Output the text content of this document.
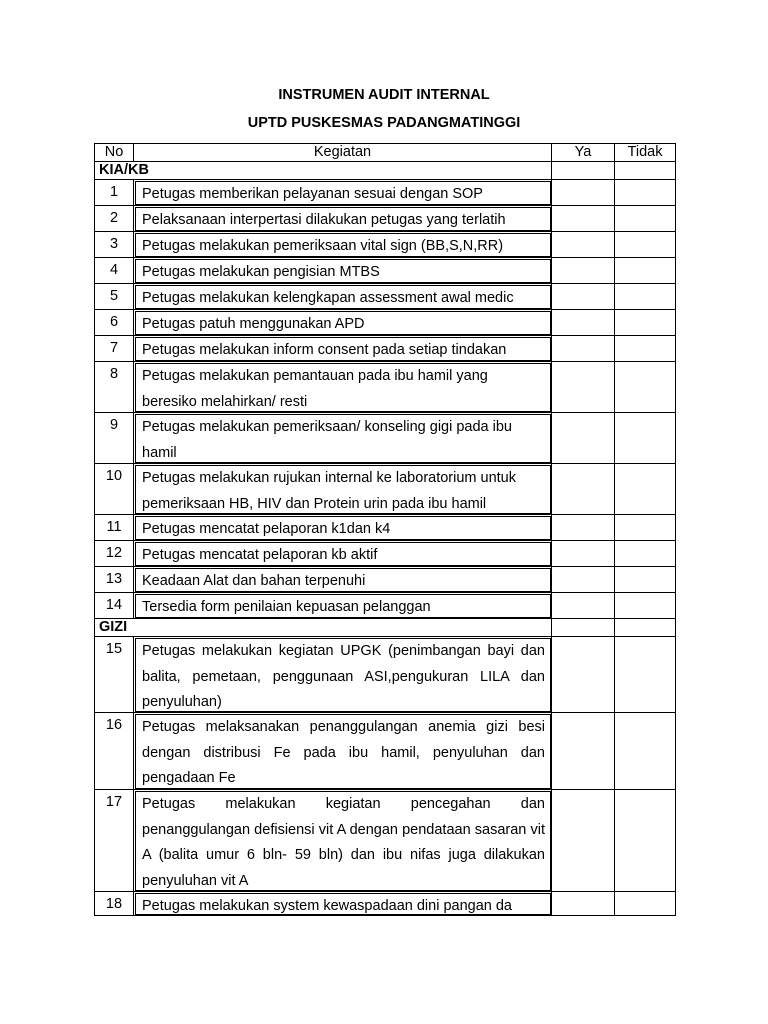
INSTRUMEN AUDIT INTERNAL
UPTD PUSKESMAS PADANGMATINGGI
No	Kegiatan	Ya	Tidak
KIA/KB			
1	Petugas memberikan pelayanan sesuai dengan SOP		

2	Pelaksanaan interpertasi dilakukan petugas yang terlatih		

3	Petugas melakukan pemeriksaan vital sign (BB,S,N,RR)		

4	Petugas melakukan pengisian MTBS		

5	Petugas melakukan kelengkapan assessment awal medic		

6	Petugas patuh menggunakan APD		

7	Petugas melakukan inform consent pada setiap tindakan		

8	Petugas melakukan pemantauan pada ibu hamil yang beresiko melahirkan/ resti		

9	Petugas melakukan pemeriksaan/ konseling gigi pada ibu hamil		

10	Petugas melakukan rujukan internal ke laboratorium untuk pemeriksaan HB, HIV dan Protein urin pada ibu hamil		

11	Petugas mencatat pelaporan k1dan k4		

12	Petugas mencatat pelaporan kb aktif		

13	Keadaan Alat dan bahan terpenuhi		

14	Tersedia form penilaian kepuasan pelanggan		

GIZI			
15	Petugas melakukan kegiatan UPGK (penimbangan bayi dan balita, pemetaan, penggunaan ASI,pengukuran LILA dan penyuluhan)		

16	Petugas melaksanakan penanggulangan anemia gizi besi dengan distribusi Fe pada ibu hamil, penyuluhan dan pengadaan Fe		

17	Petugas melakukan kegiatan pencegahan dan penanggulangan defisiensi vit A dengan pendataan sasaran vit A (balita umur 6 bln- 59 bln) dan ibu nifas juga dilakukan penyuluhan vit A		

18	Petugas melakukan system kewaspadaan dini pangan da		
